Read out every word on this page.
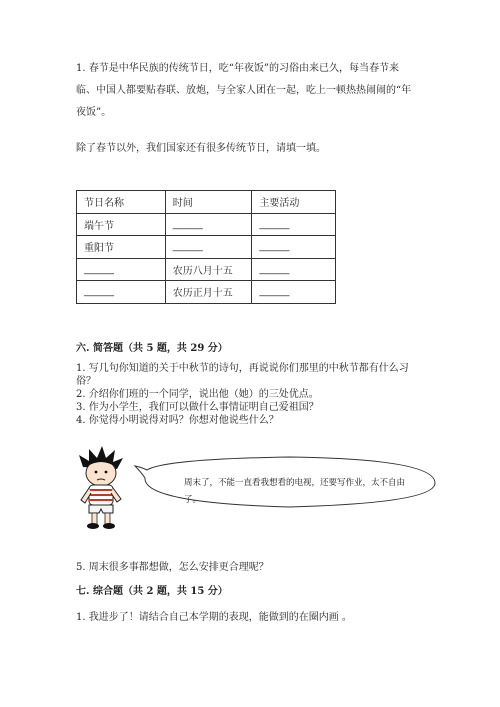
1. 春节是中华民族的传统节日，吃“年夜饭”的习俗由来已久，每当春节来临、中国人都要贴春联、放炮，与全家人团在一起，吃上一顿热热闹闹的“年夜饭”。
除了春节以外，我们国家还有很多传统节日，请填一填。
节日名称	时间	主要活动
端午节	______	______
重阳节	______	______
______	农历八月十五	______
______	农历正月十五	______
六. 简答题（共 5 题，共 29 分）
1. 写几句你知道的关于中秋节的诗句，再说说你们那里的中秋节都有什么习俗？
2. 介绍你们班的一个同学，说出他（她）的三处优点。
3. 作为小学生，我们可以做什么事情证明自己爱祖国？
4. 你觉得小明说得对吗？你想对他说些什么？
周末了，不能一直看我想看的电视，还要写作业，太不自由了。
5. 周末很多事都想做，怎么安排更合理呢？
七. 综合题（共 2 题，共 15 分）
1. 我进步了！请结合自己本学期的表现，能做到的在圈内画 。
